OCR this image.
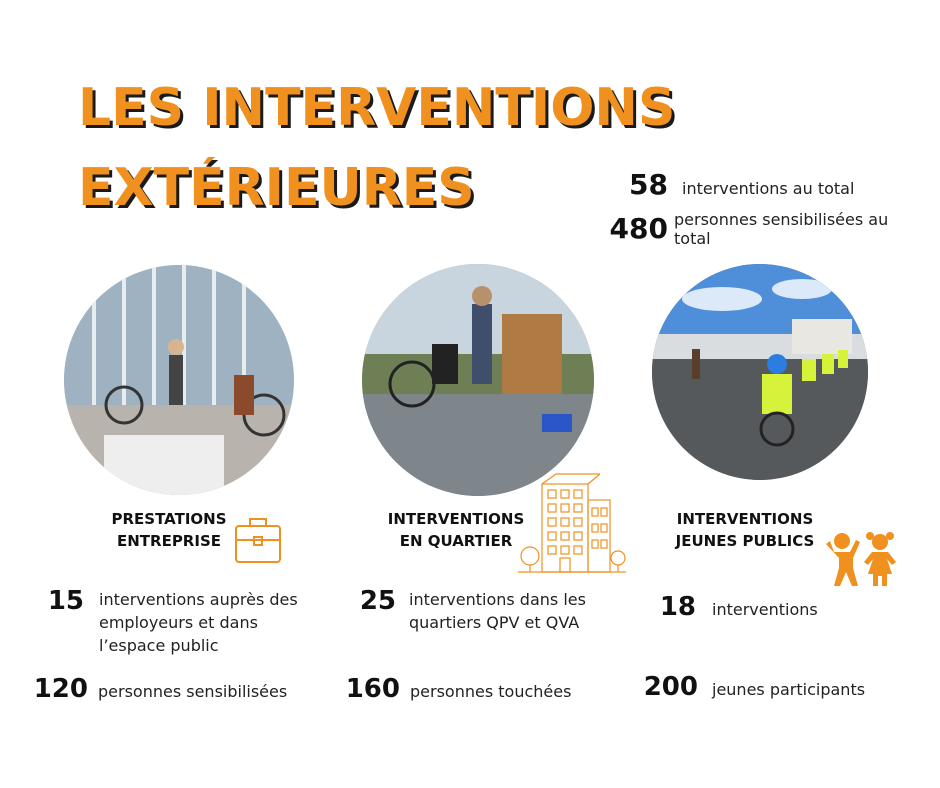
LES INTERVENTIONS
EXTÉRIEURES	58 interventions au total
480 personnes sensibilisées au total
PRESTATIONS
ENTREPRISE
INTERVENTIONS
EN QUARTIER
INTERVENTIONS
JEUNES PUBLICS
15 interventions auprès des employeurs et dans l’espace public
120 personnes sensibilisées
25 interventions dans les quartiers QPV et QVA
160 personnes touchées
18 interventions
200 jeunes participants
